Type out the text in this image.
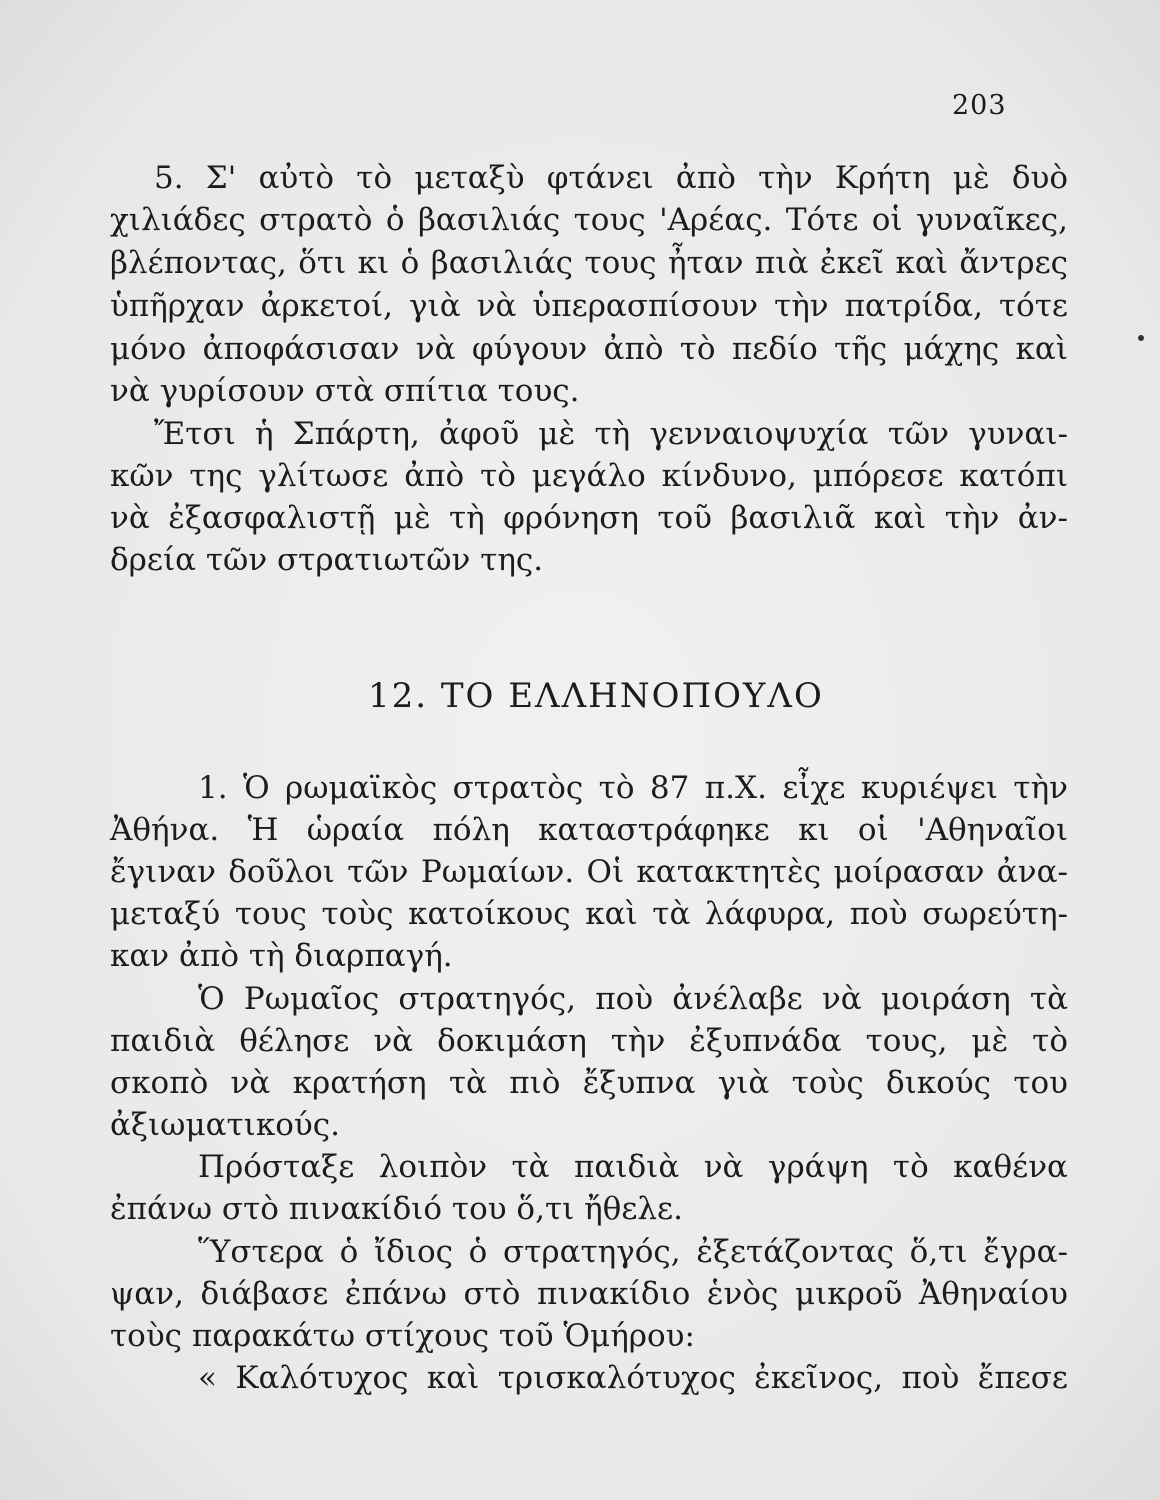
203
5. Σ' αὐτὸ τὸ μεταξὺ φτάνει ἀπὸ τὴν Κρήτη μὲ δυὸ
χιλιάδες στρατὸ ὁ βασιλιάς τους 'Αρέας. Τότε οἱ γυναῖκες,
βλέποντας, ὅτι κι ὁ βασιλιάς τους ἦταν πιὰ ἐκεῖ καὶ ἄντρες
ὑπῆρχαν ἀρκετοί, γιὰ νὰ ὑπερασπίσουν τὴν πατρίδα, τότε
μόνο ἀποφάσισαν νὰ φύγουν ἀπὸ τὸ πεδίο τῆς μάχης καὶ
νὰ γυρίσουν στὰ σπίτια τους.
Ἔτσι ἡ Σπάρτη, ἀφοῦ μὲ τὴ γενναιοψυχία τῶν γυναι-
κῶν της γλίτωσε ἀπὸ τὸ μεγάλο κίνδυνο, μπόρεσε κατόπι
νὰ ἐξασφαλιστῇ μὲ τὴ φρόνηση τοῦ βασιλιᾶ καὶ τὴν ἀν-
δρεία τῶν στρατιωτῶν της.
12. ΤΟ ΕΛΛΗΝΟΠΟΥΛΟ
1. Ὁ ρωμαϊκὸς στρατὸς τὸ 87 π.Χ. εἶχε κυριέψει τὴν
Ἀθήνα. Ἡ ὡραία πόλη καταστράφηκε κι οἱ 'Αθηναῖοι
ἔγιναν δοῦλοι τῶν Ρωμαίων. Οἱ κατακτητὲς μοίρασαν ἀνα-
μεταξύ τους τοὺς κατοίκους καὶ τὰ λάφυρα, ποὺ σωρεύτη-
καν ἀπὸ τὴ διαρπαγή.
Ὁ Ρωμαῖος στρατηγός, ποὺ ἀνέλαβε νὰ μοιράση τὰ
παιδιὰ θέλησε νὰ δοκιμάση τὴν ἐξυπνάδα τους, μὲ τὸ
σκοπὸ νὰ κρατήση τὰ πιὸ ἔξυπνα γιὰ τοὺς δικούς του
ἀξιωματικούς.
Πρόσταξε λοιπὸν τὰ παιδιὰ νὰ γράψη τὸ καθένα
ἐπάνω στὸ πινακίδιό του ὅ,τι ἤθελε.
Ὕστερα ὁ ἴδιος ὁ στρατηγός, ἐξετάζοντας ὅ,τι ἔγρα-
ψαν, διάβασε ἐπάνω στὸ πινακίδιο ἑνὸς μικροῦ Ἀθηναίου
τοὺς παρακάτω στίχους τοῦ Ὁμήρου:
« Καλότυχος καὶ τρισκαλότυχος ἐκεῖνος, ποὺ ἔπεσε
